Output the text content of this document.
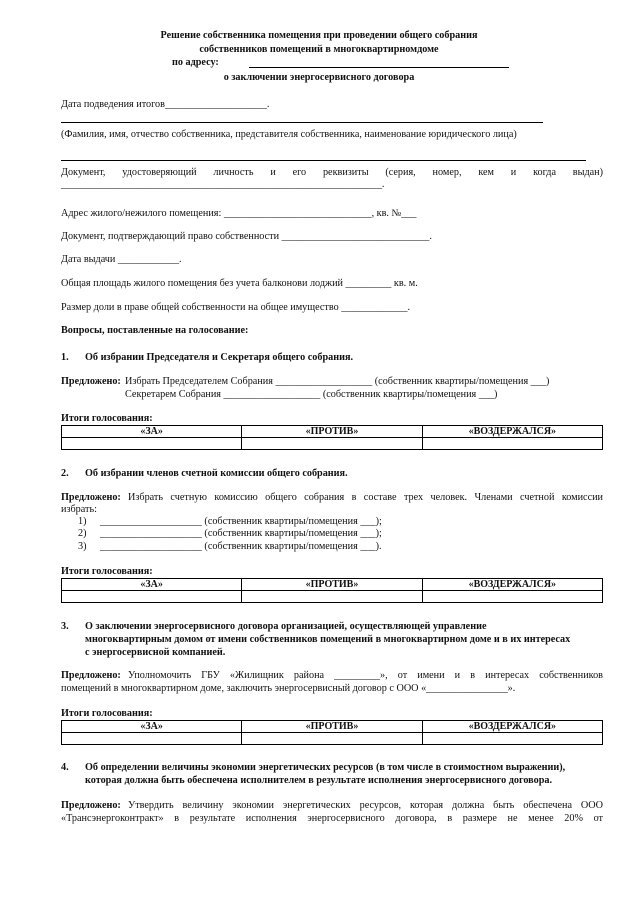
Решение собственника помещения при проведении общего собрания
собственников помещений в многоквартирномдоме
по адресу:
о заключении энергосервисного договора
Дата подведения итогов____________________.
(Фамилия, имя, отчество собственника, представителя собственника, наименование юридического лица)
Документ, удостоверяющий личность и его реквизиты (серия, номер, кем и когда выдан)
_______________________________________________________________.
Адрес жилого/нежилого помещения: _____________________________, кв. №___
Документ, подтверждающий право собственности _____________________________.
Дата выдачи ____________.
Общая площадь жилого помещения без учета балконови лоджий _________ кв. м.
Размер доли в праве общей собственности на общее имущество _____________.
Вопросы, поставленные на голосование:
1. Об избрании Председателя и Секретаря общего собрания.
Предложено: Избрать Председателем Собрания ___________________ (собственник квартиры/помещения ___)
Секретарем Собрания ___________________ (собственник квартиры/помещения ___)
Итоги голосования:
«ЗА»	«ПРОТИВ»	«ВОЗДЕРЖАЛСЯ»

2. Об избрании членов счетной комиссии общего собрания.
Предложено: Избрать счетную комиссию общего собрания в составе трех человек. Членами счетной комиссии
избрать:
1) ____________________ (собственник квартиры/помещения ___);
2) ____________________ (собственник квартиры/помещения ___);
3) ____________________ (собственник квартиры/помещения ___).
Итоги голосования:
«ЗА»	«ПРОТИВ»	«ВОЗДЕРЖАЛСЯ»

3. О заключении энергосервисного договора организацией, осуществляющей управление
многоквартирным домом от имени собственников помещений в многоквартирном доме и в их интересах
с энергосервисной компанией.
Предложено: Уполномочить ГБУ «Жилищник района _________», от имени и в интересах собственников
помещений в многоквартирном доме, заключить энергосервисный договор с ООО «________________».
Итоги голосования:
«ЗА»	«ПРОТИВ»	«ВОЗДЕРЖАЛСЯ»

4. Об определении величины экономии энергетических ресурсов (в том числе в стоимостном выражении),
которая должна быть обеспечена исполнителем в результате исполнения энергосервисного договора.
Предложено: Утвердить величину экономии энергетических ресурсов, которая должна быть обеспечена ООО
«Трансэнергоконтракт» в результате исполнения энергосервисного договора, в размере не менее 20% от
